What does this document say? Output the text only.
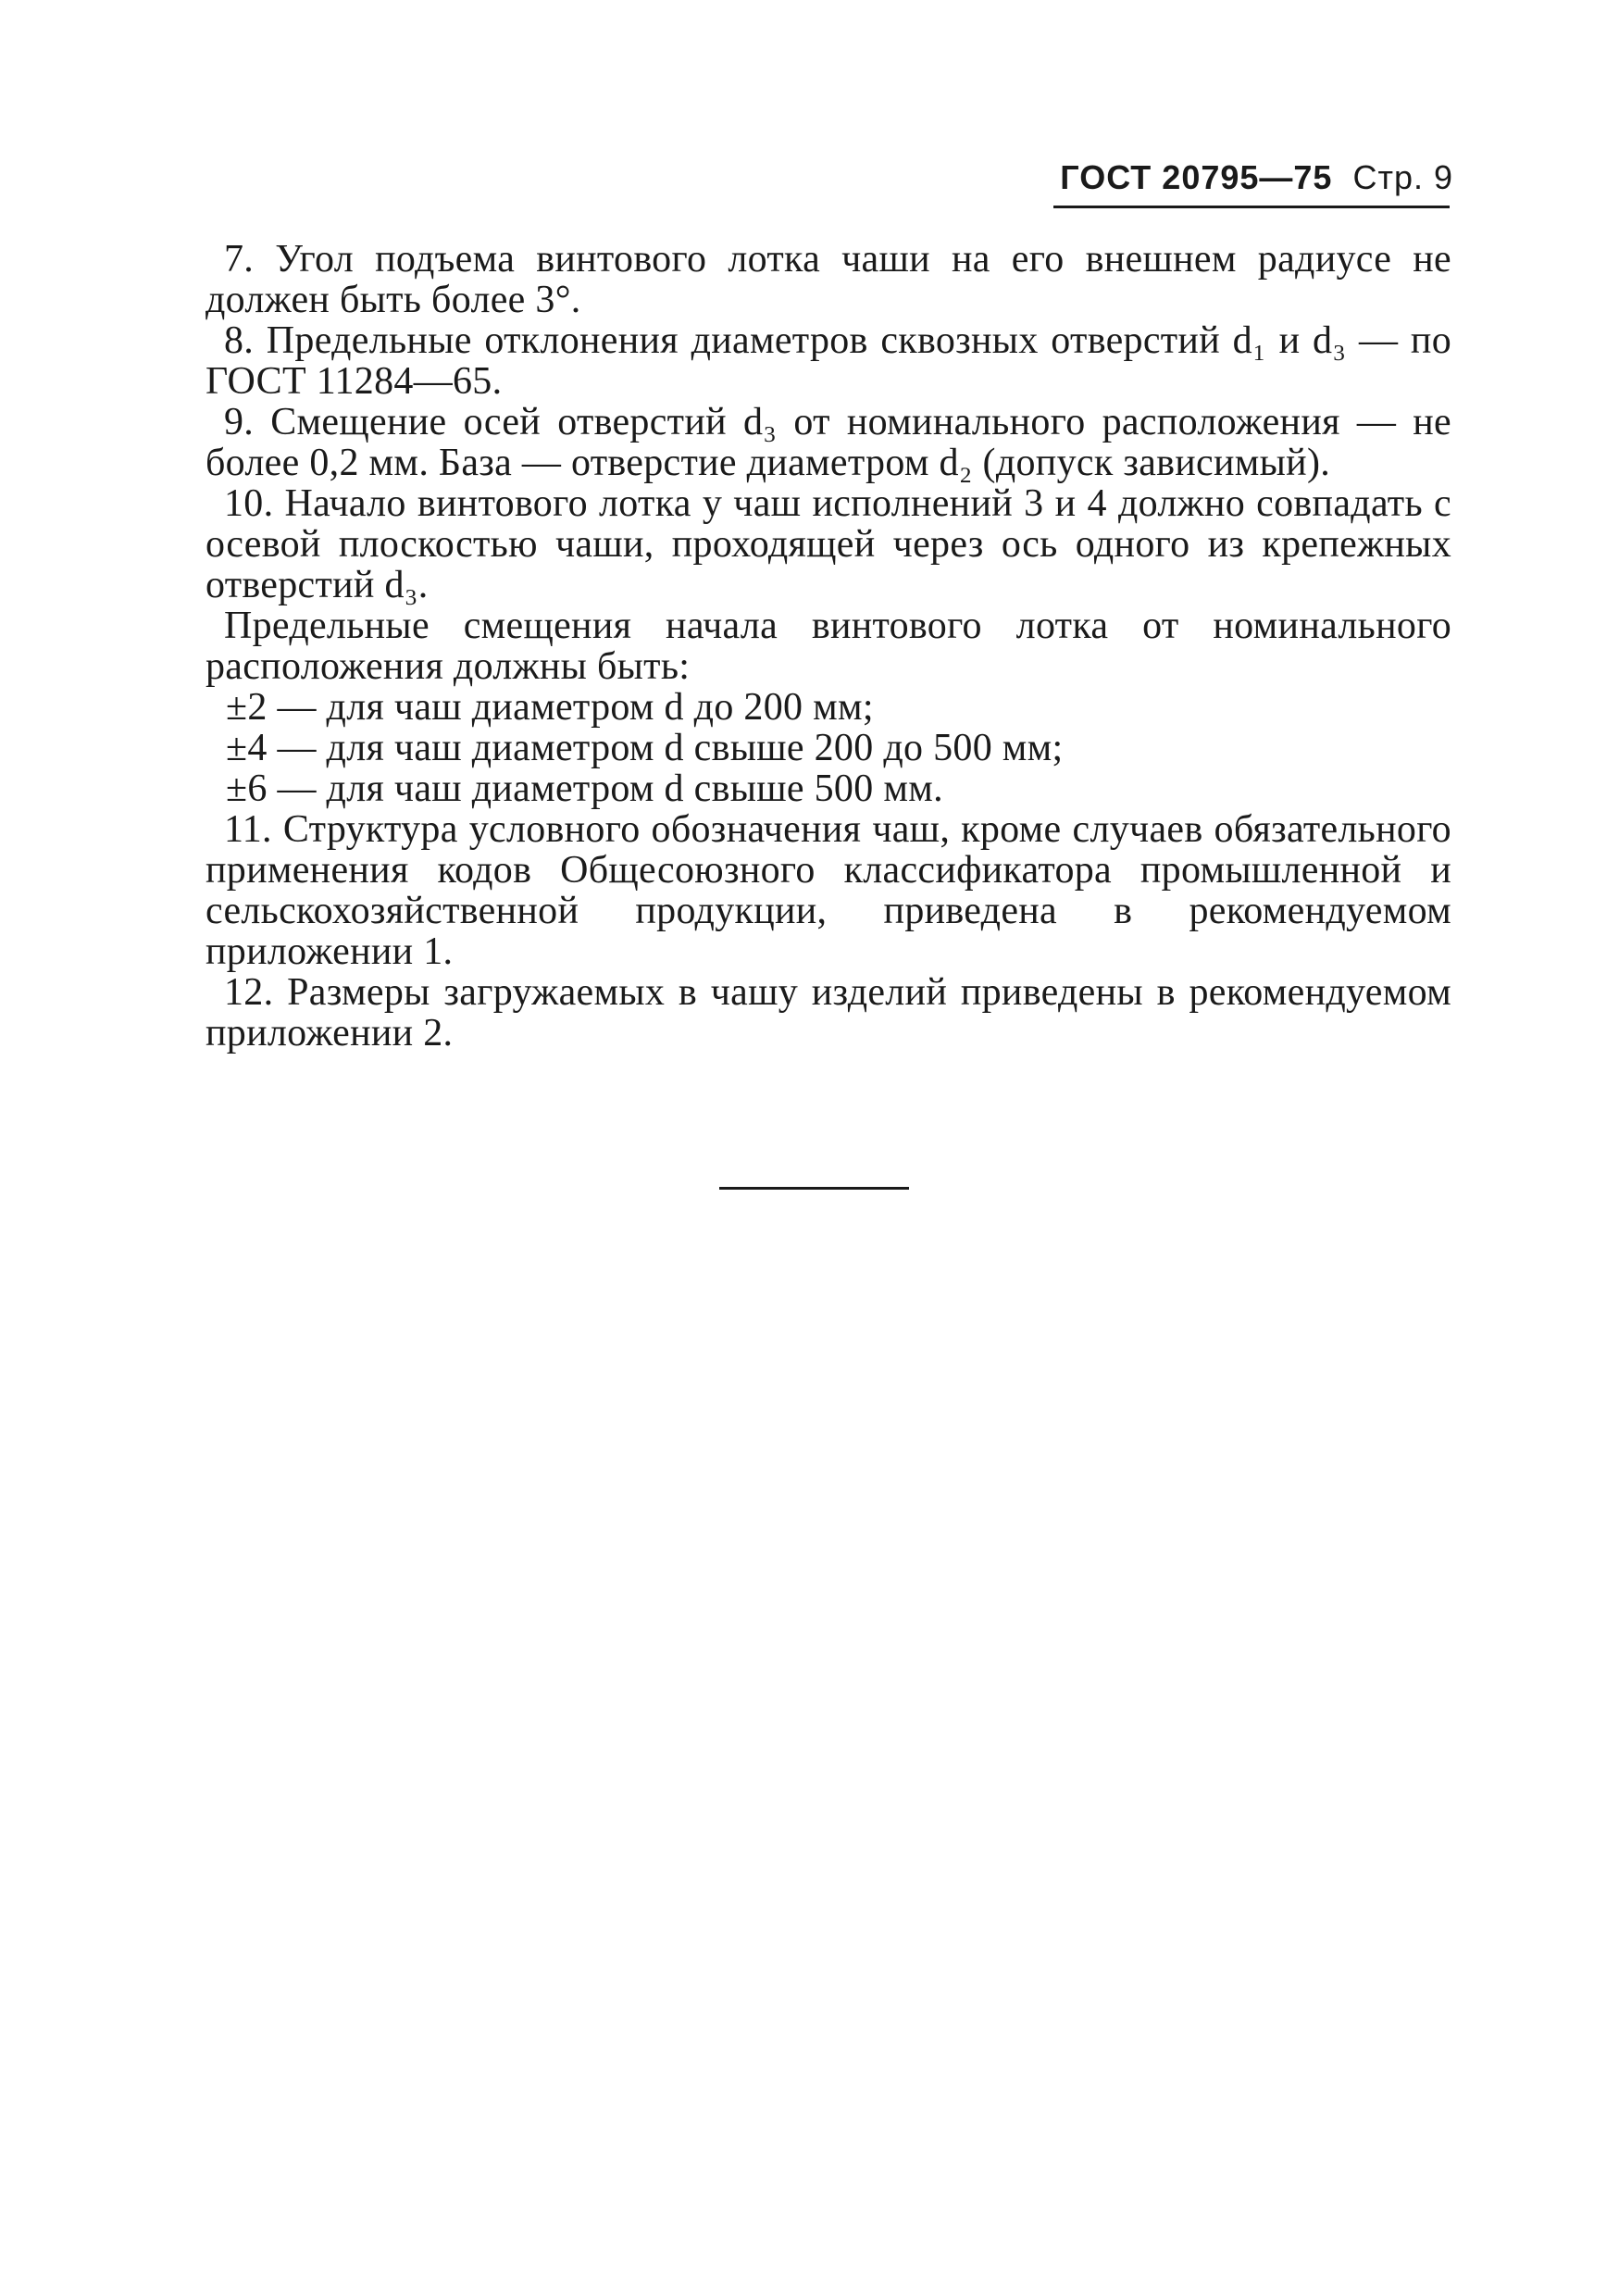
ГОСТ 20795—75 Стр. 9

7. Угол подъема винтового лотка чаши на его внешнем радиусе не должен быть более 3°.

8. Предельные отклонения диаметров сквозных отверстий d₁ и d₃ — по ГОСТ 11284—65.

9. Смещение осей отверстий d₃ от номинального расположения — не более 0,2 мм. База — отверстие диаметром d₂ (допуск зависимый).

10. Начало винтового лотка у чаш исполнений 3 и 4 должно совпадать с осевой плоскостью чаши, проходящей через ось одного из крепежных отверстий d₃.

Предельные смещения начала винтового лотка от номинального расположения должны быть:

±2 — для чаш диаметром d до 200 мм;

±4 — для чаш диаметром d свыше 200 до 500 мм;

±6 — для чаш диаметром d свыше 500 мм.

11. Структура условного обозначения чаш, кроме случаев обязательного применения кодов Общесоюзного классификатора промышленной и сельскохозяйственной продукции, приведена в рекомендуемом приложении 1.

12. Размеры загружаемых в чашу изделий приведены в рекомендуемом приложении 2.
